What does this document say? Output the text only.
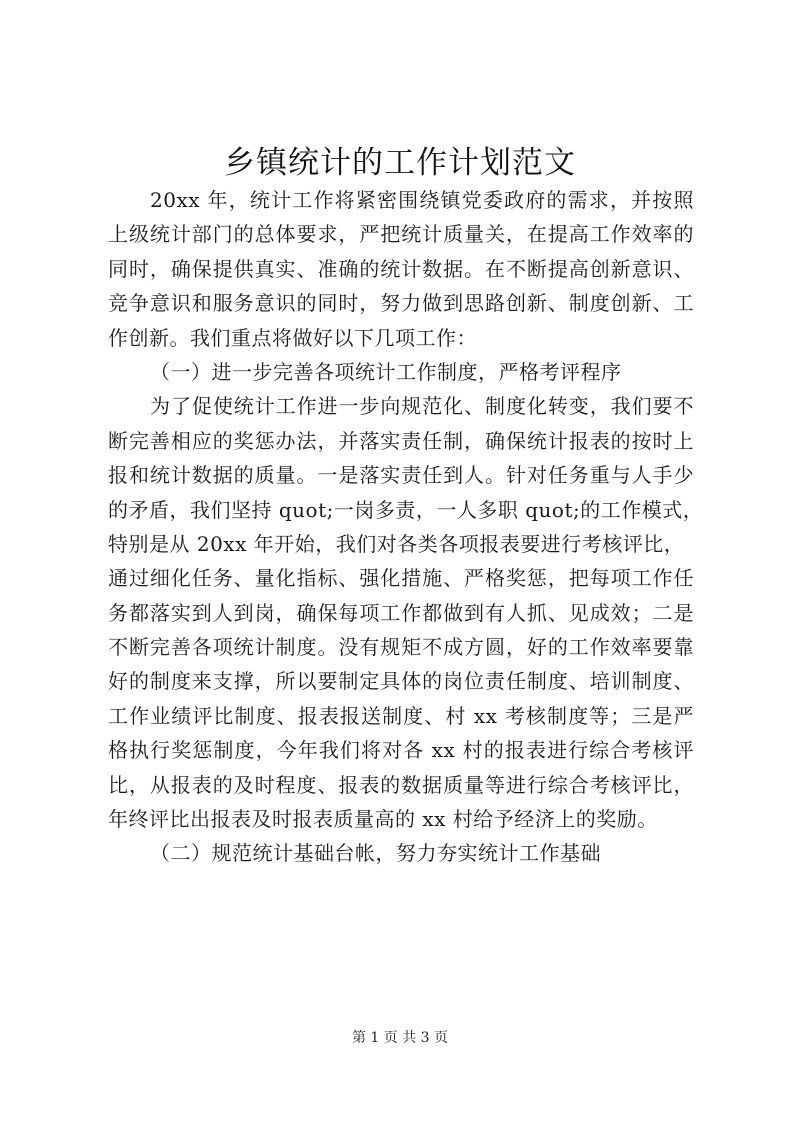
乡镇统计的工作计划范文
20xx 年，统计工作将紧密围绕镇党委政府的需求，并按照
上级统计部门的总体要求，严把统计质量关，在提高工作效率的
同时，确保提供真实、准确的统计数据。在不断提高创新意识、
竞争意识和服务意识的同时，努力做到思路创新、制度创新、工
作创新。我们重点将做好以下几项工作：
（一）进一步完善各项统计工作制度，严格考评程序
为了促使统计工作进一步向规范化、制度化转变，我们要不
断完善相应的奖惩办法，并落实责任制，确保统计报表的按时上
报和统计数据的质量。一是落实责任到人。针对任务重与人手少
的矛盾，我们坚持 quot;一岗多责，一人多职 quot;的工作模式，
特别是从 20xx 年开始，我们对各类各项报表要进行考核评比，
通过细化任务、量化指标、强化措施、严格奖惩，把每项工作任
务都落实到人到岗，确保每项工作都做到有人抓、见成效；二是
不断完善各项统计制度。没有规矩不成方圆，好的工作效率要靠
好的制度来支撑，所以要制定具体的岗位责任制度、培训制度、
工作业绩评比制度、报表报送制度、村 xx 考核制度等；三是严
格执行奖惩制度，今年我们将对各 xx 村的报表进行综合考核评
比，从报表的及时程度、报表的数据质量等进行综合考核评比，
年终评比出报表及时报表质量高的 xx 村给予经济上的奖励。
（二）规范统计基础台帐，努力夯实统计工作基础
第 1 页 共 3 页
